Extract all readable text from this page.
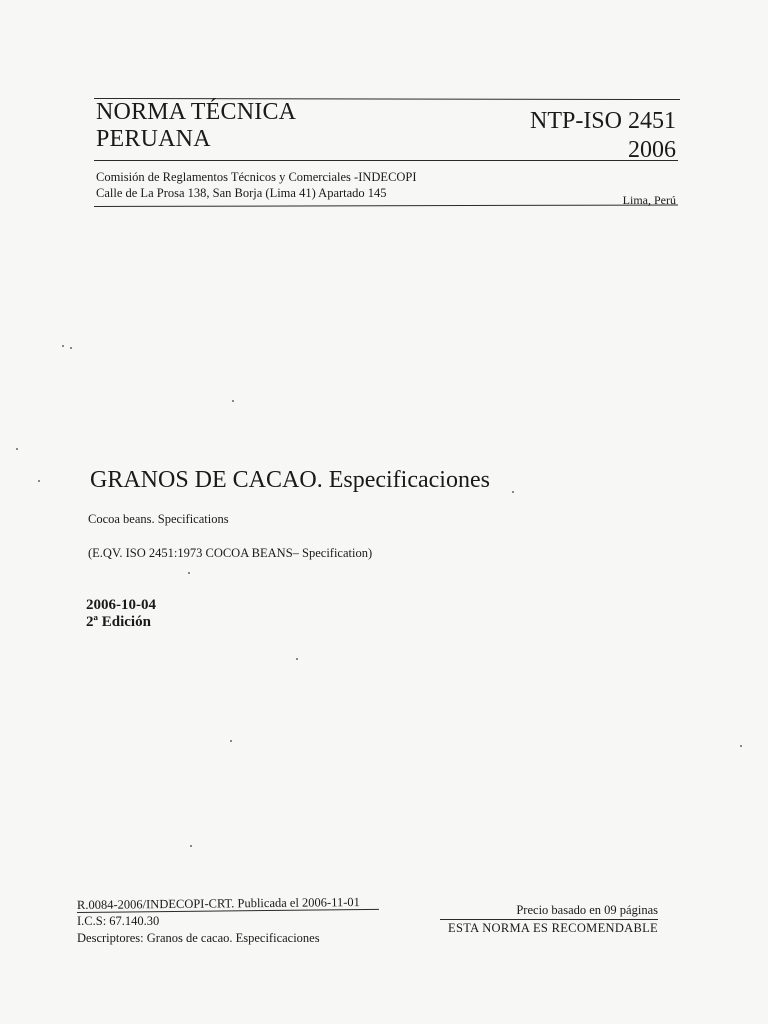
NORMA TÉCNICA
PERUANA
NTP-ISO 2451
2006
Comisión de Reglamentos Técnicos y Comerciales -INDECOPI
Calle de La Prosa 138, San Borja (Lima 41) Apartado 145	Lima, Perú
GRANOS DE CACAO. Especificaciones
Cocoa beans. Specifications
(E.QV. ISO 2451:1973 COCOA BEANS– Specification)
2006-10-04
2ª Edición
R.0084-2006/INDECOPI-CRT. Publicada el 2006-11-01
I.C.S: 67.140.30
Descriptores: Granos de cacao. Especificaciones
Precio basado en 09 páginas
ESTA NORMA ES RECOMENDABLE
